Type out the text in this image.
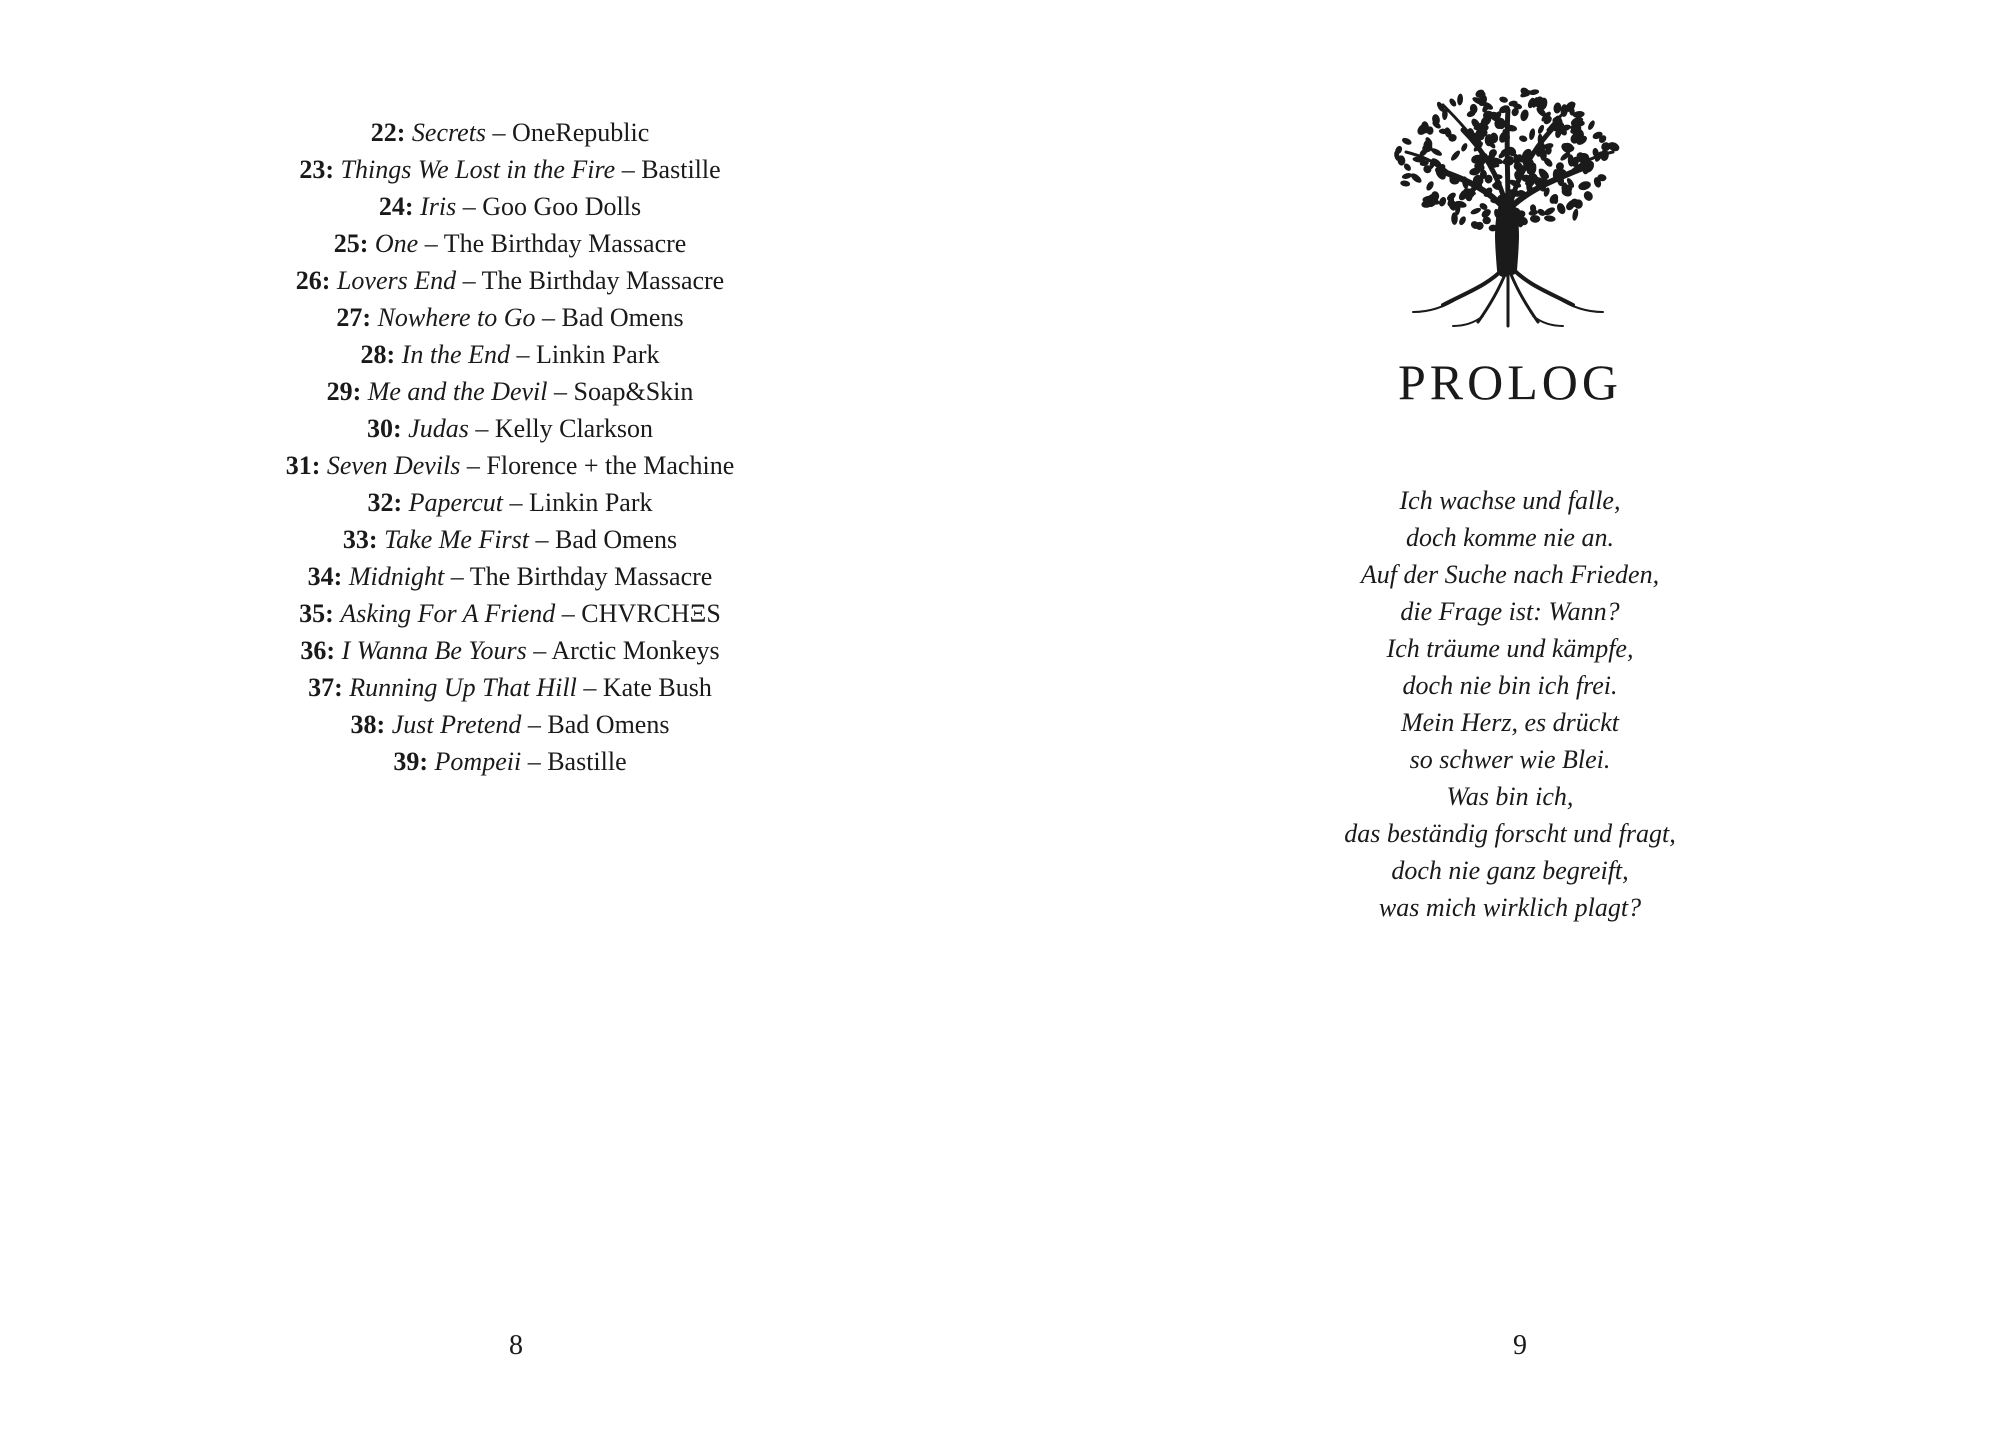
22: Secrets – OneRepublic
23: Things We Lost in the Fire – Bastille
24: Iris – Goo Goo Dolls
25: One – The Birthday Massacre
26: Lovers End – The Birthday Massacre
27: Nowhere to Go – Bad Omens
28: In the End – Linkin Park
29: Me and the Devil – Soap&Skin
30: Judas – Kelly Clarkson
31: Seven Devils – Florence + the Machine
32: Papercut – Linkin Park
33: Take Me First – Bad Omens
34: Midnight – The Birthday Massacre
35: Asking For A Friend – CHVRCHΞS
36: I Wanna Be Yours – Arctic Monkeys
37: Running Up That Hill – Kate Bush
38: Just Pretend – Bad Omens
39: Pompeii – Bastille
8
PROLOG
Ich wachse und falle,
doch komme nie an.
Auf der Suche nach Frieden,
die Frage ist: Wann?
Ich träume und kämpfe,
doch nie bin ich frei.
Mein Herz, es drückt
so schwer wie Blei.
Was bin ich,
das beständig forscht und fragt,
doch nie ganz begreift,
was mich wirklich plagt?
9
